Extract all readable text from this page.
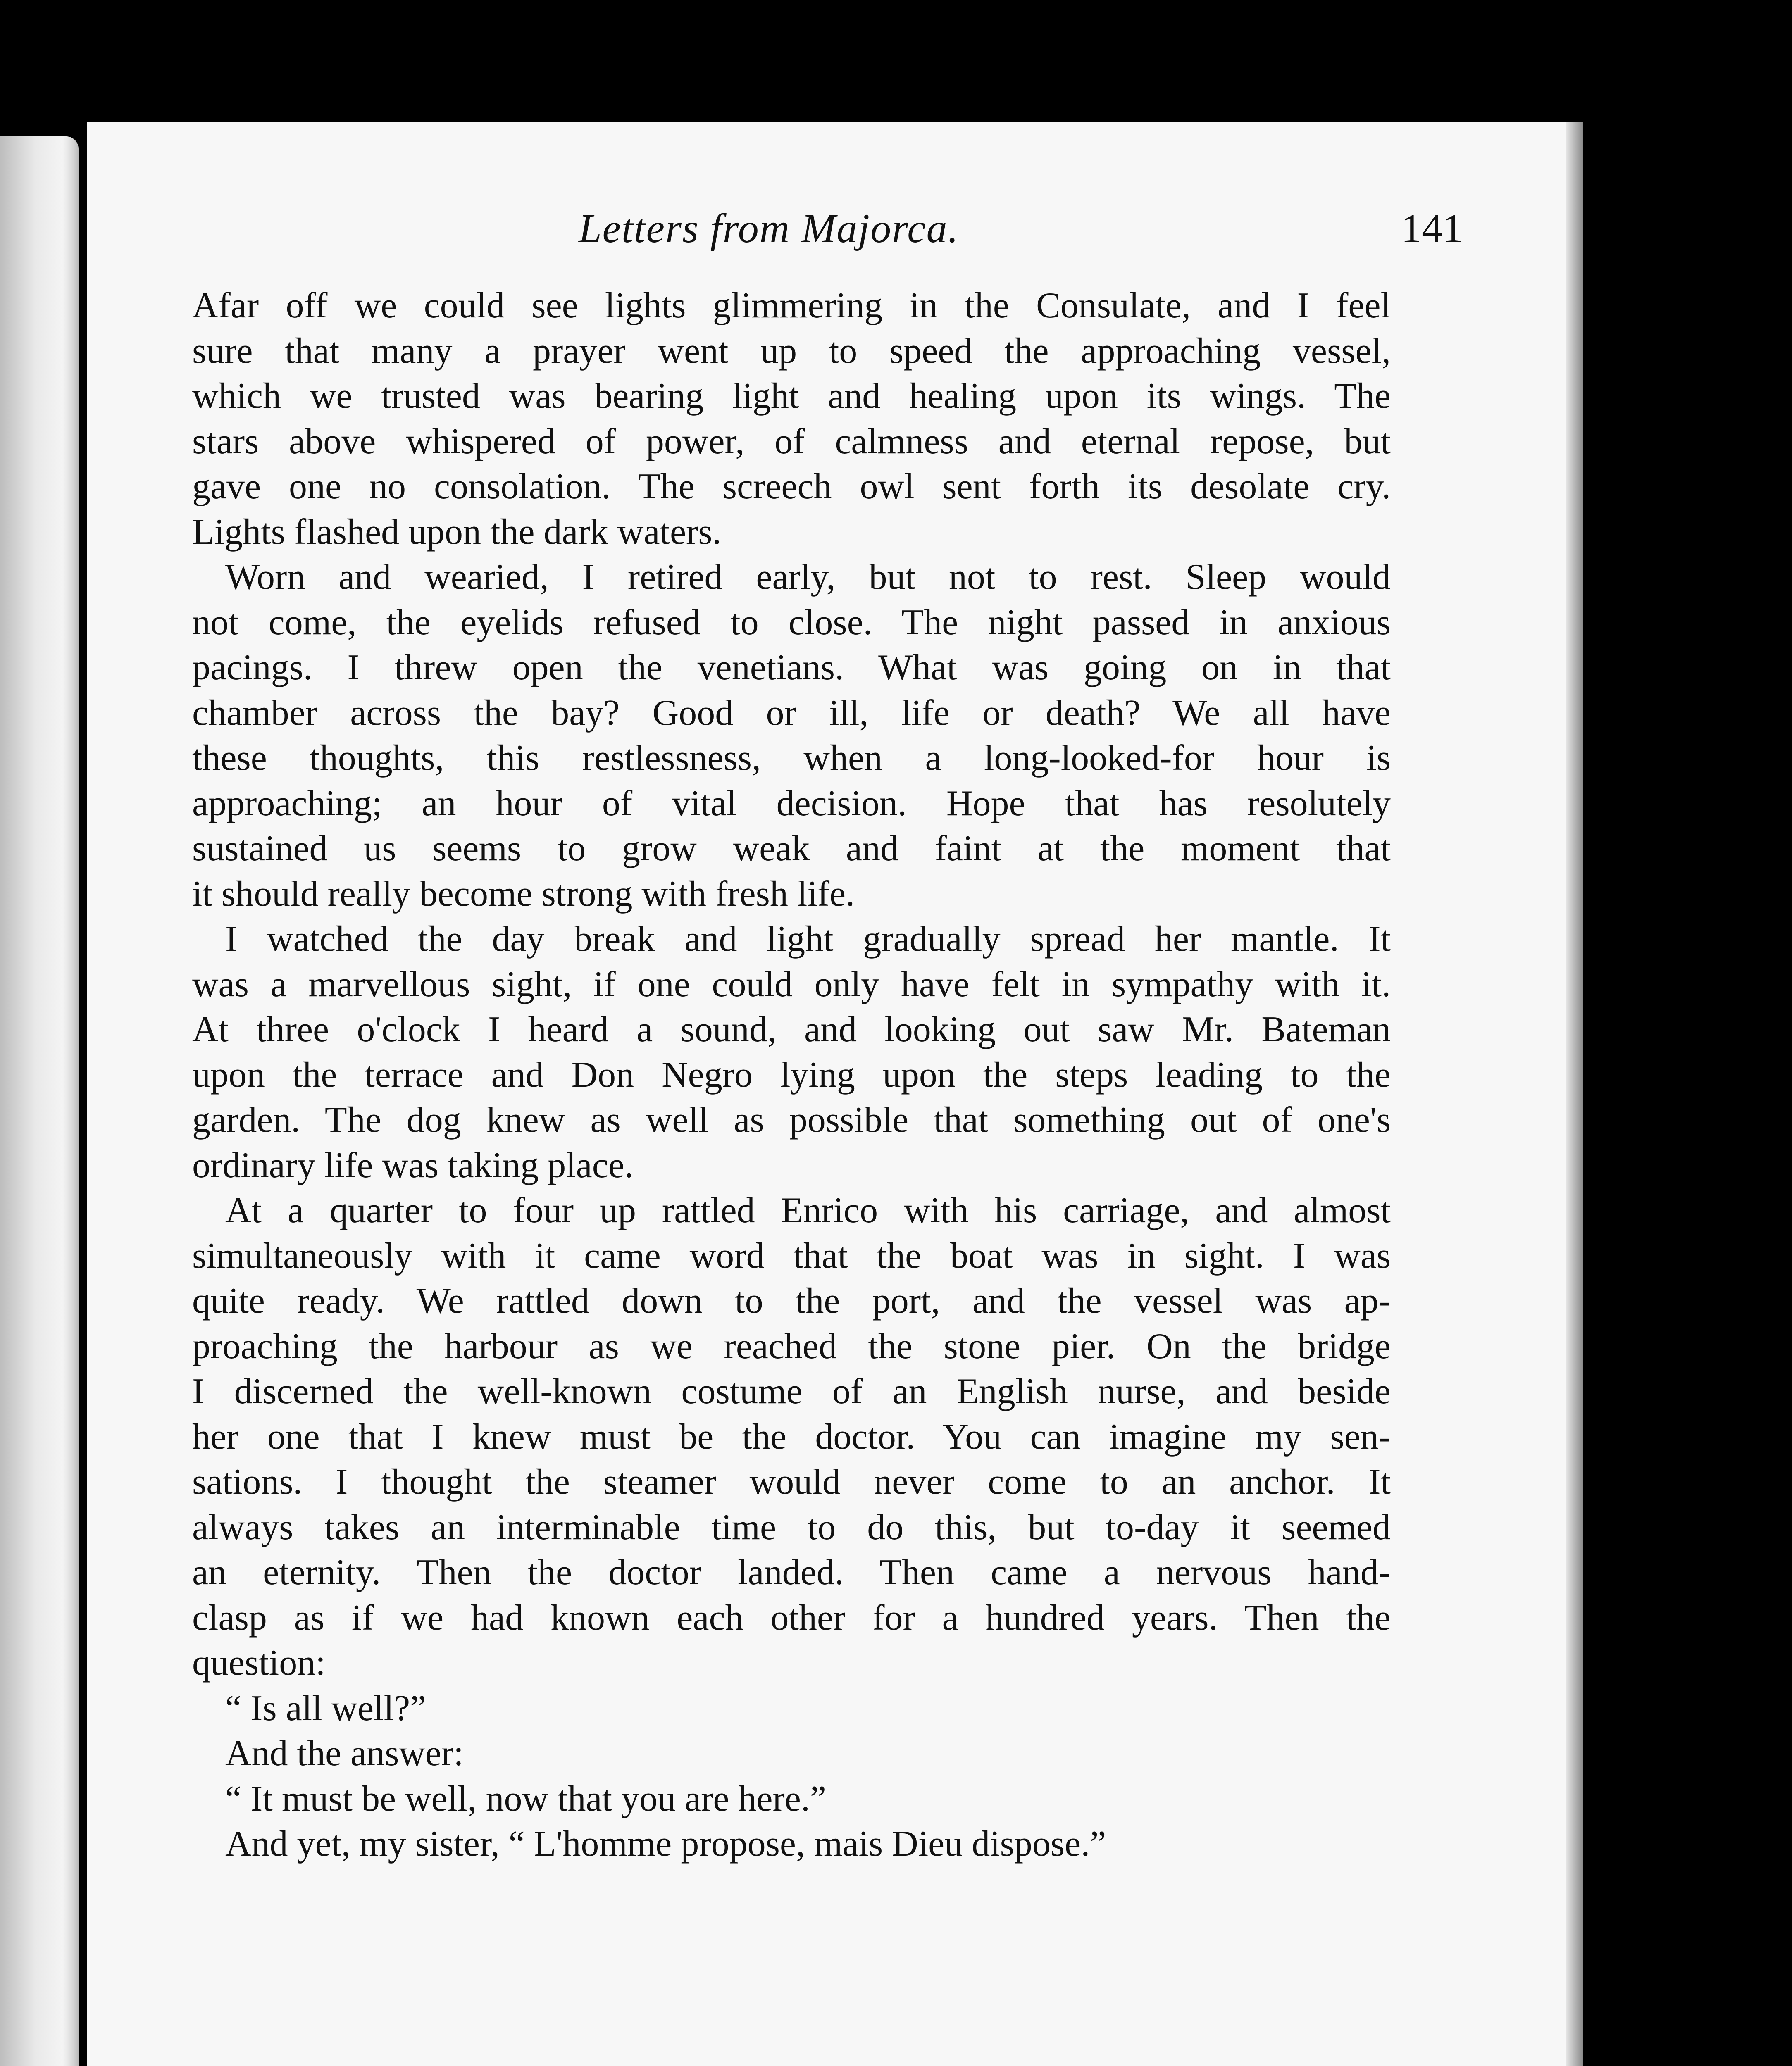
Letters from Majorca.	141
Afar off we could see lights glimmering in the Consulate, and I feel
sure that many a prayer went up to speed the approaching vessel,
which we trusted was bearing light and healing upon its wings. The
stars above whispered of power, of calmness and eternal repose, but
gave one no consolation. The screech owl sent forth its desolate cry.
Lights flashed upon the dark waters.
Worn and wearied, I retired early, but not to rest. Sleep would
not come, the eyelids refused to close. The night passed in anxious
pacings. I threw open the venetians. What was going on in that
chamber across the bay? Good or ill, life or death? We all have
these thoughts, this restlessness, when a long-looked-for hour is
approaching; an hour of vital decision. Hope that has resolutely
sustained us seems to grow weak and faint at the moment that
it should really become strong with fresh life.
I watched the day break and light gradually spread her mantle. It
was a marvellous sight, if one could only have felt in sympathy with it.
At three o'clock I heard a sound, and looking out saw Mr. Bateman
upon the terrace and Don Negro lying upon the steps leading to the
garden. The dog knew as well as possible that something out of one's
ordinary life was taking place.
At a quarter to four up rattled Enrico with his carriage, and almost
simultaneously with it came word that the boat was in sight. I was
quite ready. We rattled down to the port, and the vessel was ap-
proaching the harbour as we reached the stone pier. On the bridge
I discerned the well-known costume of an English nurse, and beside
her one that I knew must be the doctor. You can imagine my sen-
sations. I thought the steamer would never come to an anchor. It
always takes an interminable time to do this, but to-day it seemed
an eternity. Then the doctor landed. Then came a nervous hand-
clasp as if we had known each other for a hundred years. Then the
question:
“ Is all well?”
And the answer:
“ It must be well, now that you are here.”
And yet, my sister, “ L'homme propose, mais Dieu dispose.”
